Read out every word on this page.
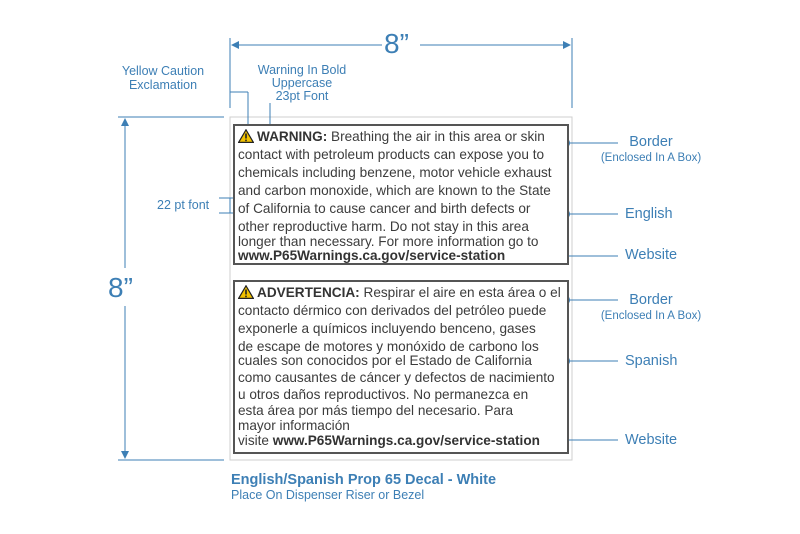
8”

8”

Yellow Caution
Exclamation
Warning In Bold
Uppercase
23pt Font

22 pt font

WARNING: Breathing the air in this area or skin

contact with petroleum products can expose you to

chemicals including benzene, motor vehicle exhaust

and carbon monoxide, which are known to the State

of California to cause cancer and birth defects or

other reproductive harm. Do not stay in this area

longer than necessary. For more information go to

www.P65Warnings.ca.gov/service-station

ADVERTENCIA: Respirar el aire en esta área o el

contacto dérmico con derivados del petróleo puede

exponerle a químicos incluyendo benceno, gases

de escape de motores y monóxido de carbono los

cuales son conocidos por el Estado de California

como causantes de cáncer y defectos de nacimiento

u otros daños reproductivos. No permanezca en

esta área por más tiempo del necesario. Para

mayor información

visite www.P65Warnings.ca.gov/service-station

Border
(Enclosed In A Box)

English

Website

Border
(Enclosed In A Box)

Spanish

Website

English/Spanish Prop 65 Decal - White

Place On Dispenser Riser or Bezel
